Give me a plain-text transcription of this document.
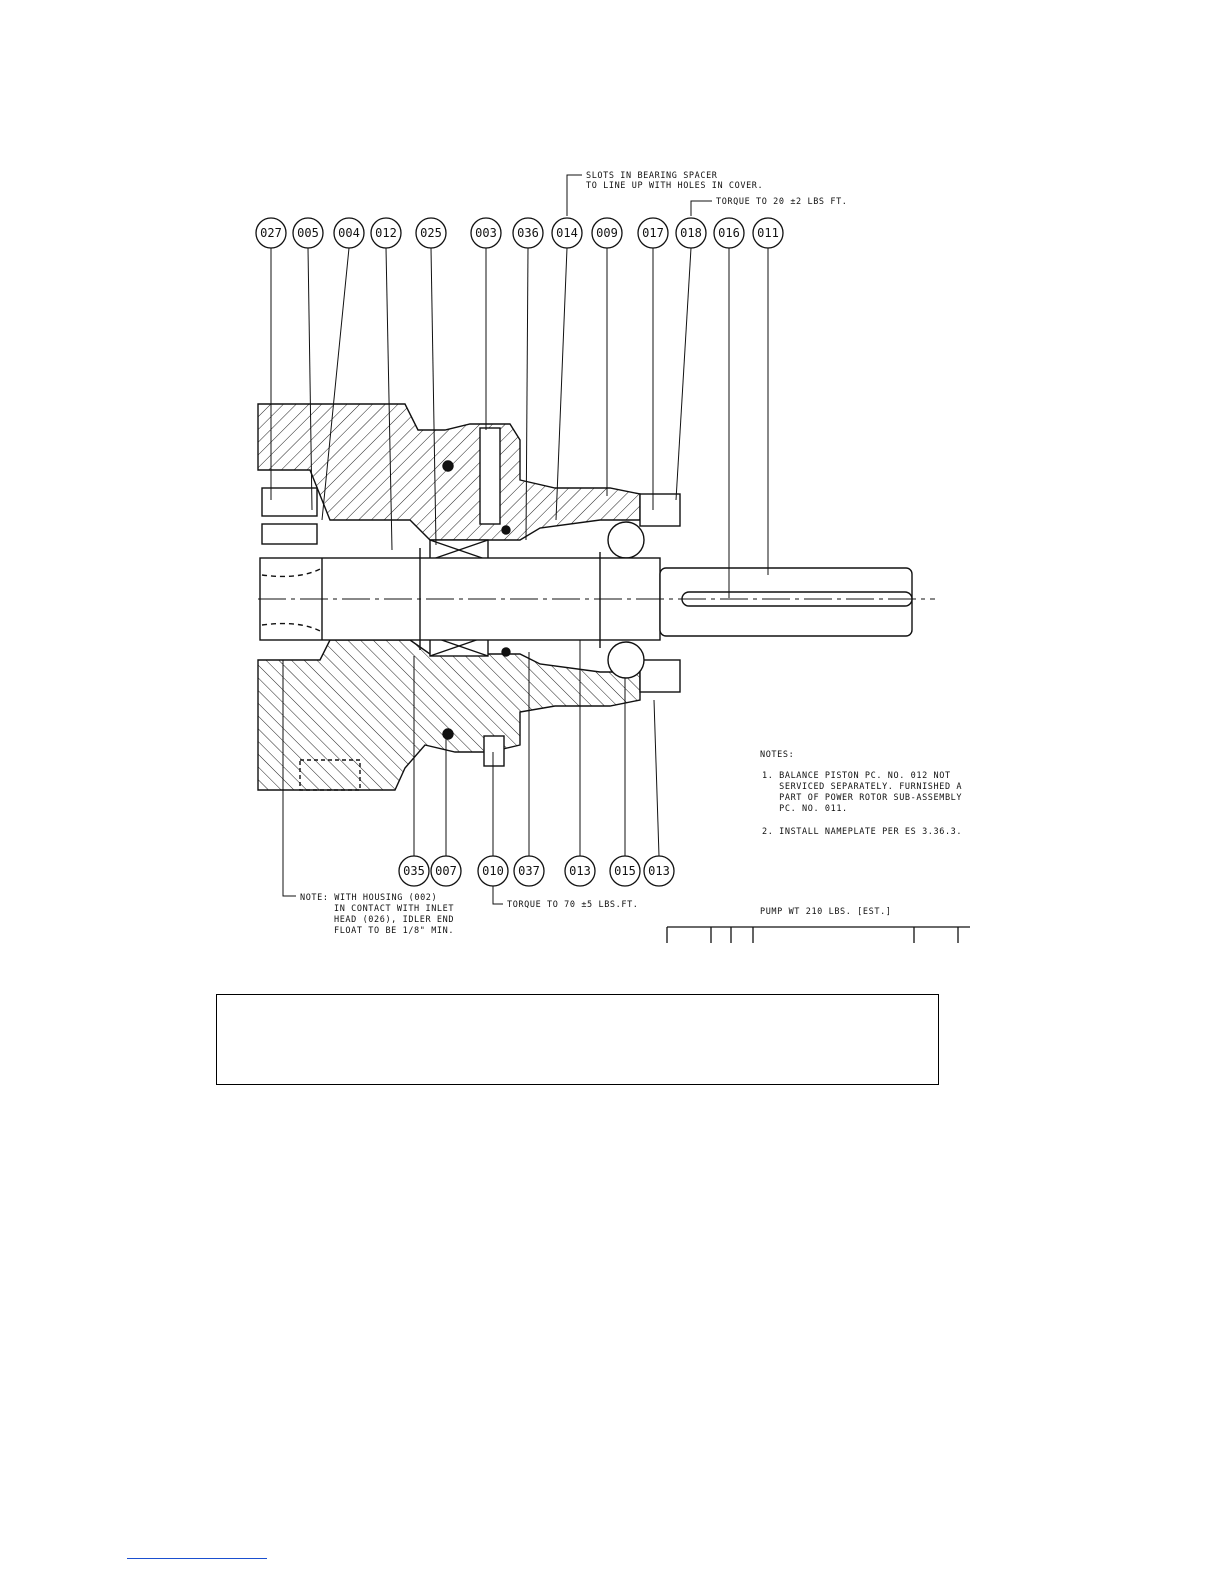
027 005 004 012 025	003 036 014 009 017 018 016 011
035 007 010 037 013 015 013
SLOTS IN BEARING SPACER
TO LINE UP WITH HOLES IN COVER.
TORQUE TO 20 ±2 LBS FT.
TORQUE TO 70 ±5 LBS.FT.
NOTE: WITH HOUSING (002)
IN CONTACT WITH INLET
HEAD (026), IDLER END
FLOAT TO BE 1/8" MIN.
NOTES:
1. BALANCE PISTON PC. NO. 012 NOT
SERVICED SEPARATELY. FURNISHED A
PART OF POWER ROTOR SUB-ASSEMBLY
PC. NO. 011.
2. INSTALL NAMEPLATE PER ES 3.36.3.
PUMP WT 210 LBS. [EST.]
